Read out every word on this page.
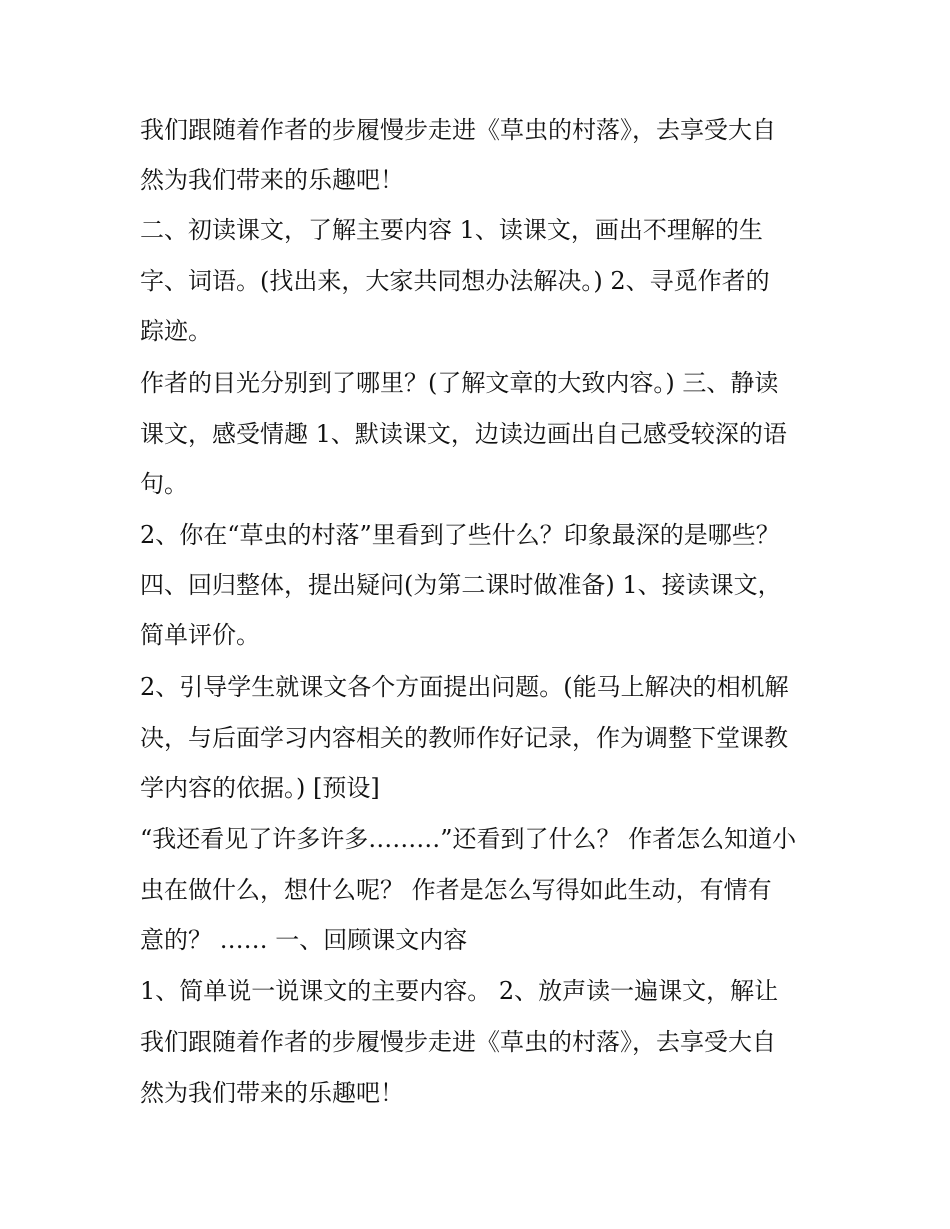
我们跟随着作者的步履慢步走进《草虫的村落》，去享受大自
然为我们带来的乐趣吧！
二、初读课文，了解主要内容 1、读课文，画出不理解的生
字、词语。(找出来，大家共同想办法解决。) 2、寻觅作者的
踪迹。
作者的目光分别到了哪里？(了解文章的大致内容。) 三、静读
课文，感受情趣 1、默读课文，边读边画出自己感受较深的语
句。
2、你在“草虫的村落”里看到了些什么？印象最深的是哪些？
四、回归整体，提出疑问(为第二课时做准备) 1、接读课文，
简单评价。
2、引导学生就课文各个方面提出问题。(能马上解决的相机解
决，与后面学习内容相关的教师作好记录，作为调整下堂课教
学内容的依据。) [预设]
“我还看见了许多许多………”还看到了什么？ 作者怎么知道小
虫在做什么，想什么呢？ 作者是怎么写得如此生动，有情有
意的？ …… 一、回顾课文内容
1、简单说一说课文的主要内容。 2、放声读一遍课文，解让
我们跟随着作者的步履慢步走进《草虫的村落》，去享受大自
然为我们带来的乐趣吧！
